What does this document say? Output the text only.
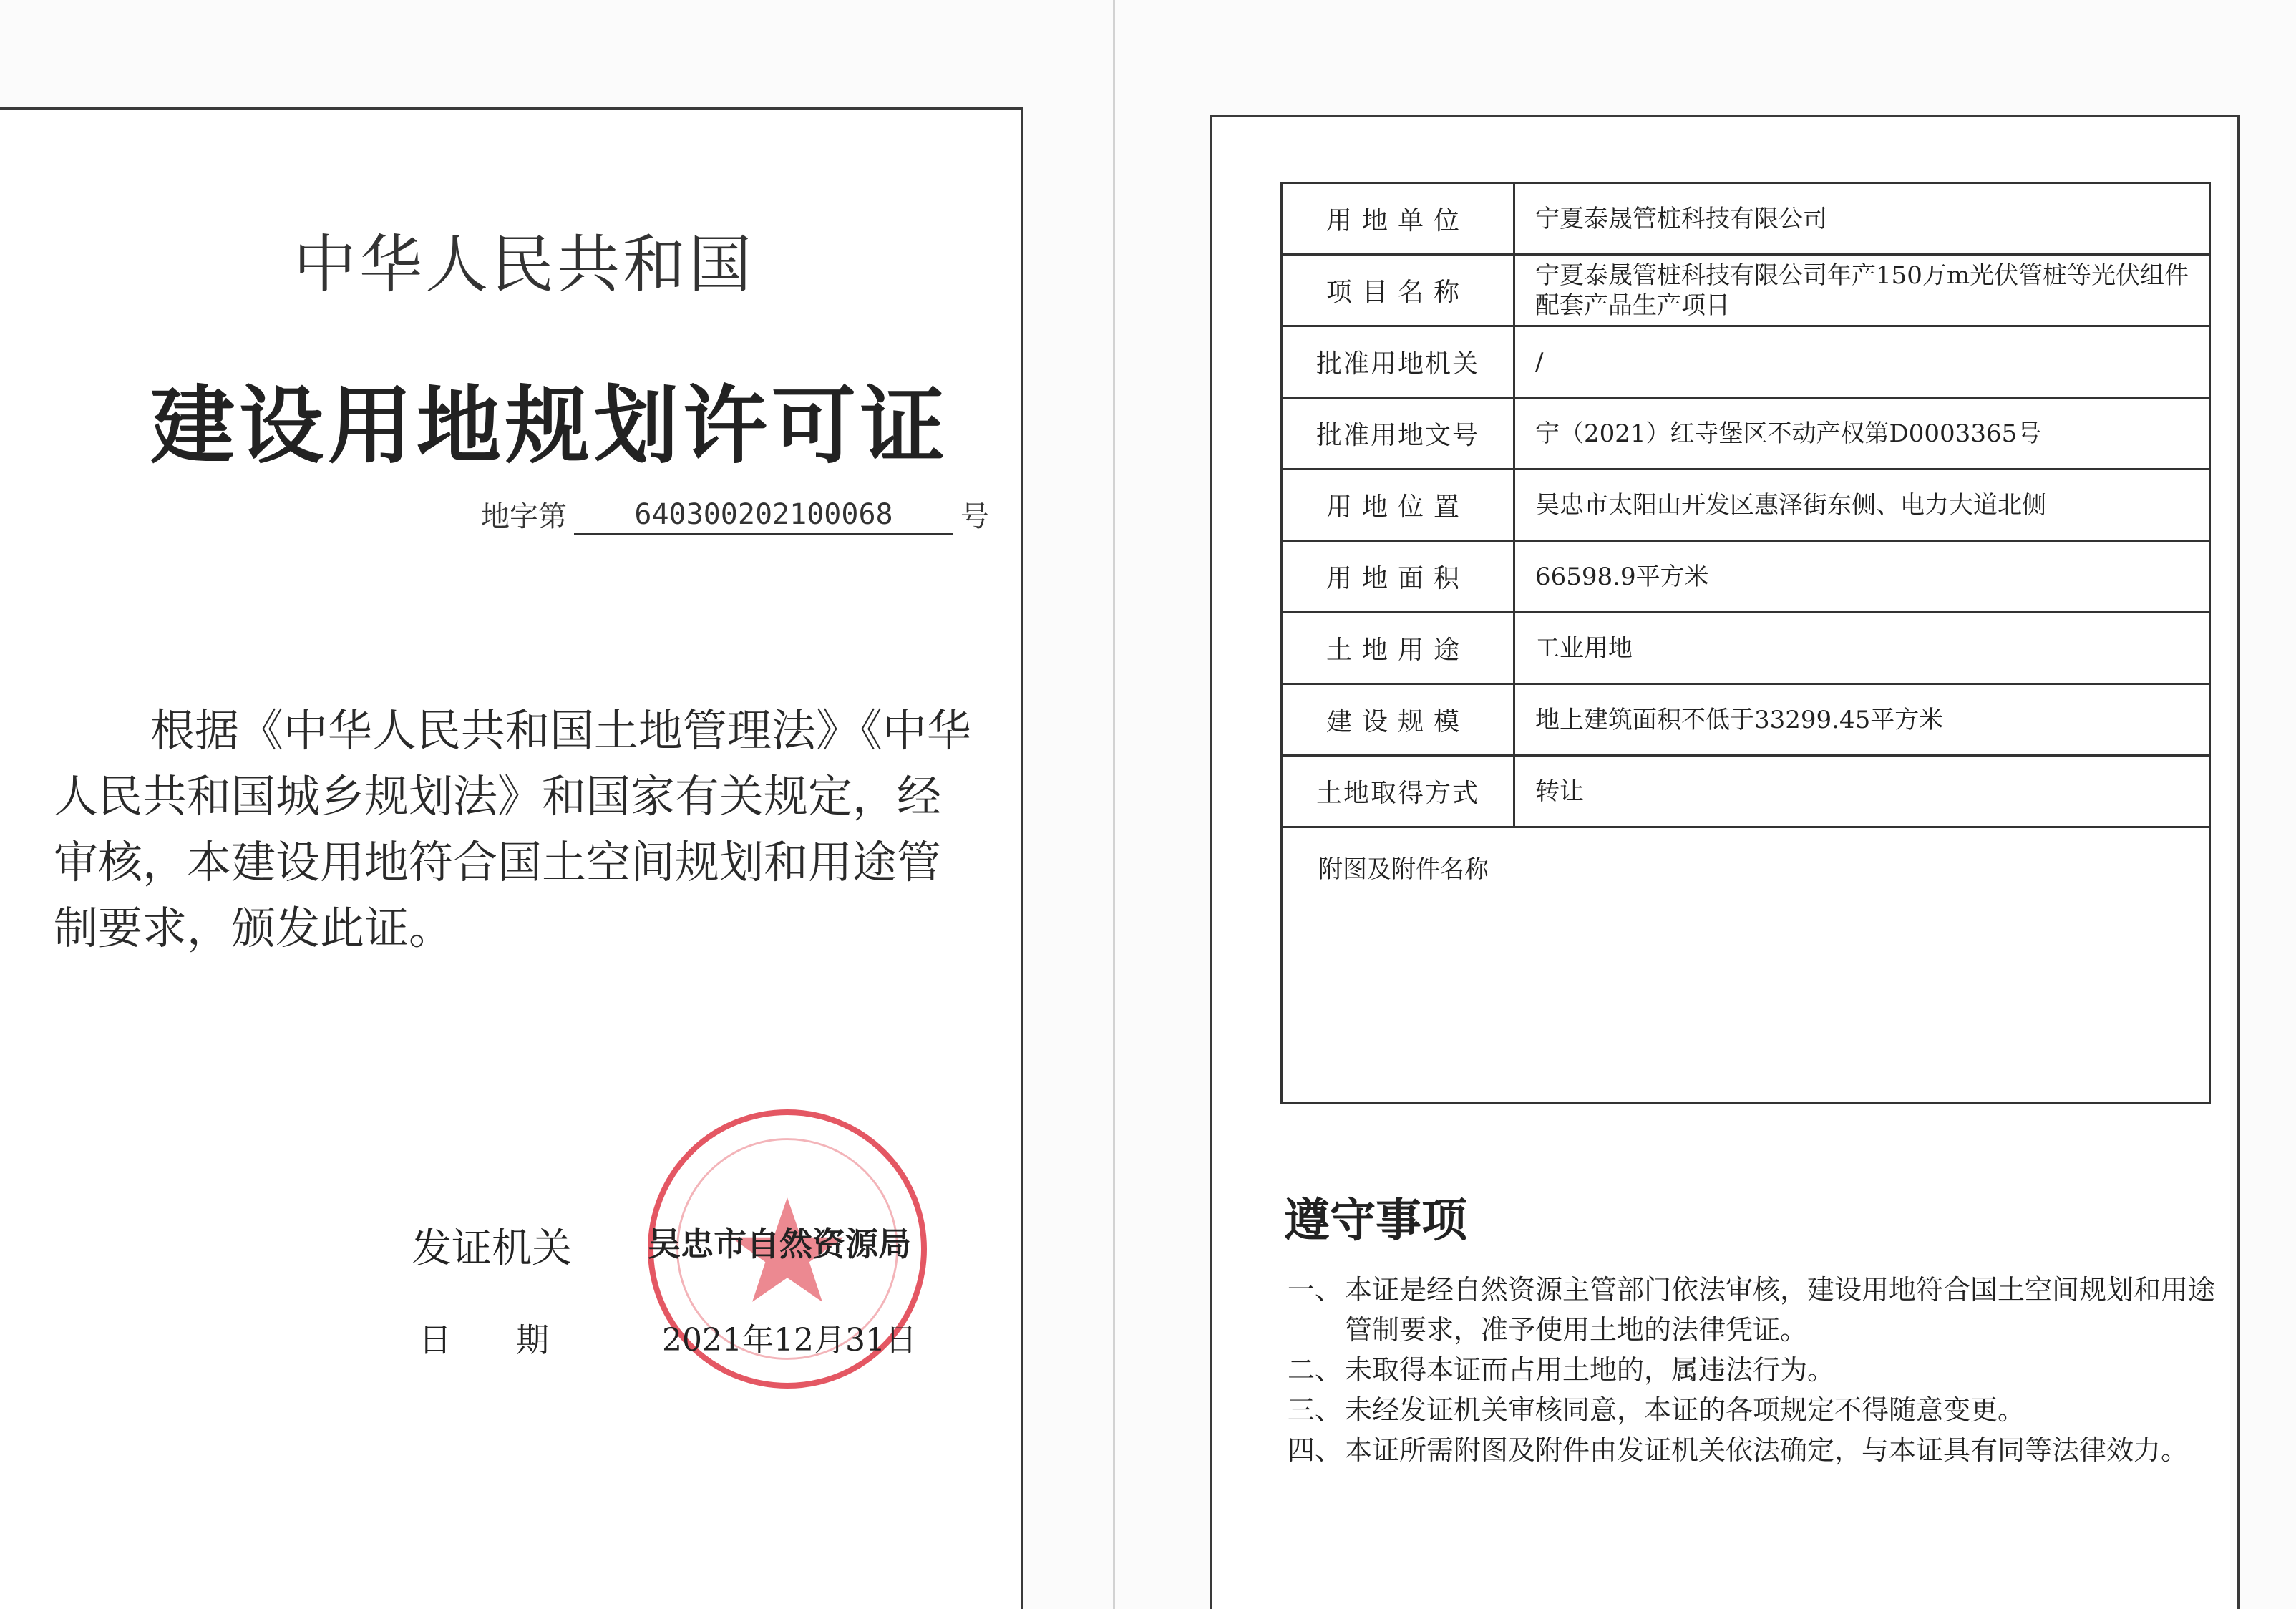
中华人民共和国
建设用地规划许可证
地字第	640300202100068	号
根据《中华人民共和国土地管理法》《中华人民共和国城乡规划法》和国家有关规定，经审核，本建设用地符合国土空间规划和用途管制要求，颁发此证。
发证机关 吴忠市自然资源局
日期 2021年12月31日
用地单位	宁夏泰晟管桩科技有限公司
项目名称	宁夏泰晟管桩科技有限公司年产150万m光伏管桩等光伏组件配套产品生产项目
批准用地机关	/
批准用地文号	宁（2021）红寺堡区不动产权第D0003365号
用地位置	吴忠市太阳山开发区惠泽街东侧、电力大道北侧
用地面积	66598.9平方米
土地用途	工业用地
建设规模	地上建筑面积不低于33299.45平方米
土地取得方式	转让
附图及附件名称	
遵守事项
一、 本证是经自然资源主管部门依法审核，建设用地符合国土空间规划和用途管制要求，准予使用土地的法律凭证。
二、 未取得本证而占用土地的，属违法行为。
三、 未经发证机关审核同意，本证的各项规定不得随意变更。
四、 本证所需附图及附件由发证机关依法确定，与本证具有同等法律效力。
